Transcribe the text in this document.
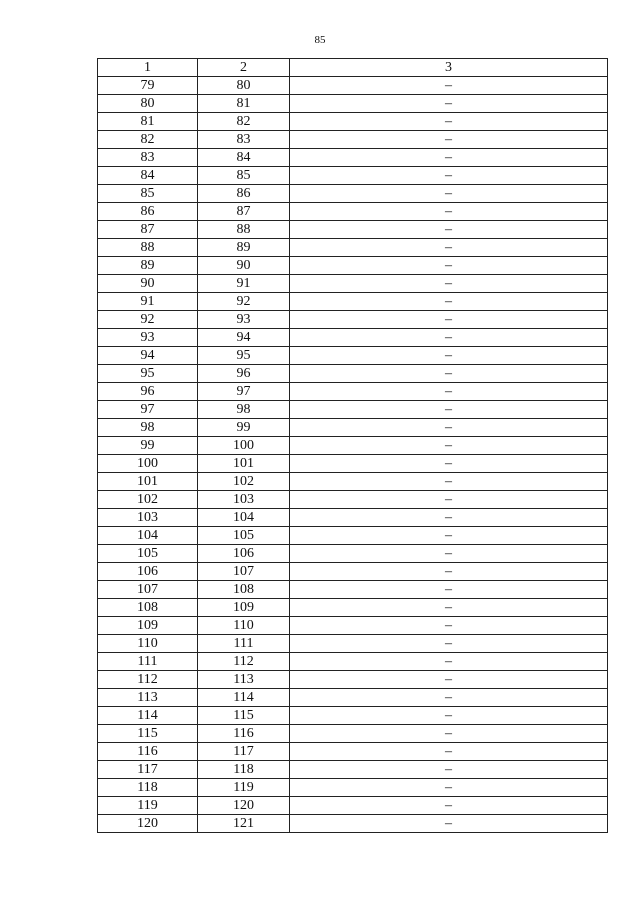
85
1	2	3
79	80	–
80	81	–
81	82	–
82	83	–
83	84	–
84	85	–
85	86	–
86	87	–
87	88	–
88	89	–
89	90	–
90	91	–
91	92	–
92	93	–
93	94	–
94	95	–
95	96	–
96	97	–
97	98	–
98	99	–
99	100	–
100	101	–
101	102	–
102	103	–
103	104	–
104	105	–
105	106	–
106	107	–
107	108	–
108	109	–
109	110	–
110	111	–
111	112	–
112	113	–
113	114	–
114	115	–
115	116	–
116	117	–
117	118	–
118	119	–
119	120	–
120	121	–
